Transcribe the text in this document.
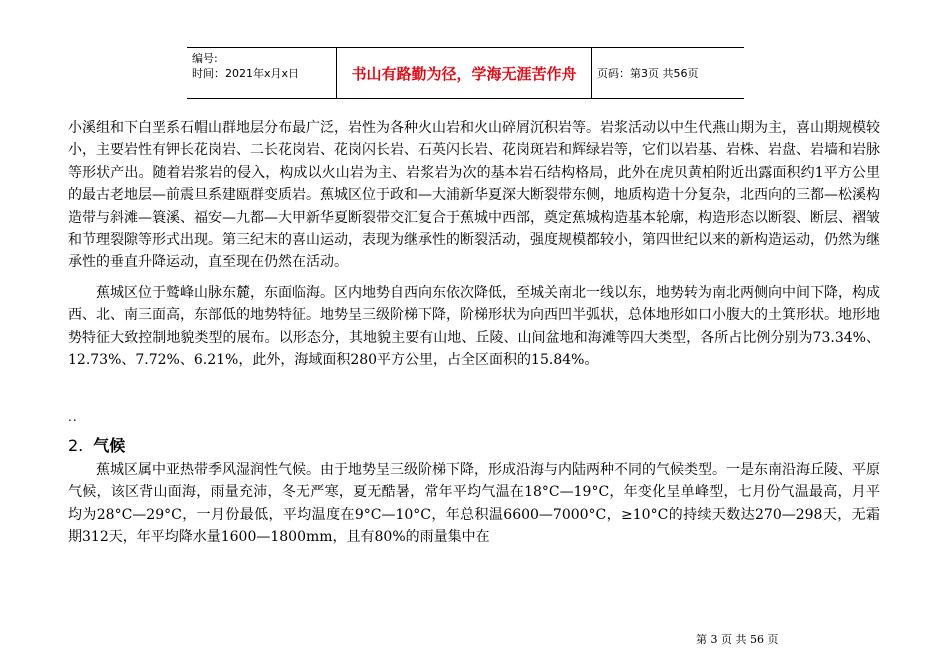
编号:
时间：2021年x月x日	书山有路勤为径，学海无涯苦作舟	页码：第3页 共56页

小溪组和下白垩系石帽山群地层分布最广泛，岩性为各种火山岩和火山碎屑沉积岩等。岩浆活动以中生代燕山期为主，喜山期规模较小，主要岩性有钾长花岗岩、二长花岗岩、花岗闪长岩、石英闪长岩、花岗斑岩和辉绿岩等，它们以岩基、岩株、岩盘、岩墙和岩脉等形状产出。随着岩浆岩的侵入，构成以火山岩为主、岩浆岩为次的基本岩石结构格局，此外在虎贝黄柏附近出露面积约1平方公里的最古老地层—前震旦系建瓯群变质岩。蕉城区位于政和—大浦新华夏深大断裂带东侧，地质构造十分复杂，北西向的三都—松溪构造带与斜滩—簑溪、福安—九都—大甲新华夏断裂带交汇复合于蕉城中西部，奠定蕉城构造基本轮廓，构造形态以断裂、断层、褶皱和节理裂隙等形式出现。第三纪末的喜山运动，表现为继承性的断裂活动，强度规模都较小，第四世纪以来的新构造运动，仍然为继承性的垂直升降运动，直至现在仍然在活动。

蕉城区位于鹫峰山脉东麓，东面临海。区内地势自西向东依次降低，至城关南北一线以东，地势转为南北两侧向中间下降，构成西、北、南三面高，东部低的地势特征。地势呈三级阶梯下降，阶梯形状为向西凹半弧状，总体地形如口小腹大的土箕形状。地形地势特征大致控制地貌类型的展布。以形态分，其地貌主要有山地、丘陵、山间盆地和海滩等四大类型，各所占比例分别为73.34%、12.73%、7.72%、6.21%，此外，海域面积280平方公里，占全区面积的15.84%。

..
2. 气候

蕉城区属中亚热带季风湿润性气候。由于地势呈三级阶梯下降，形成沿海与内陆两种不同的气候类型。一是东南沿海丘陵、平原气候，该区背山面海，雨量充沛，冬无严寒，夏无酷暑，常年平均气温在18°C—19°C，年变化呈单峰型，七月份气温最高，月平均为28°C—29°C，一月份最低，平均温度在9°C—10°C，年总积温6600—7000°C，≥10°C的持续天数达270—298天，无霜期312天，年平均降水量1600—1800mm，且有80%的雨量集中在

第 3 页 共 56 页
